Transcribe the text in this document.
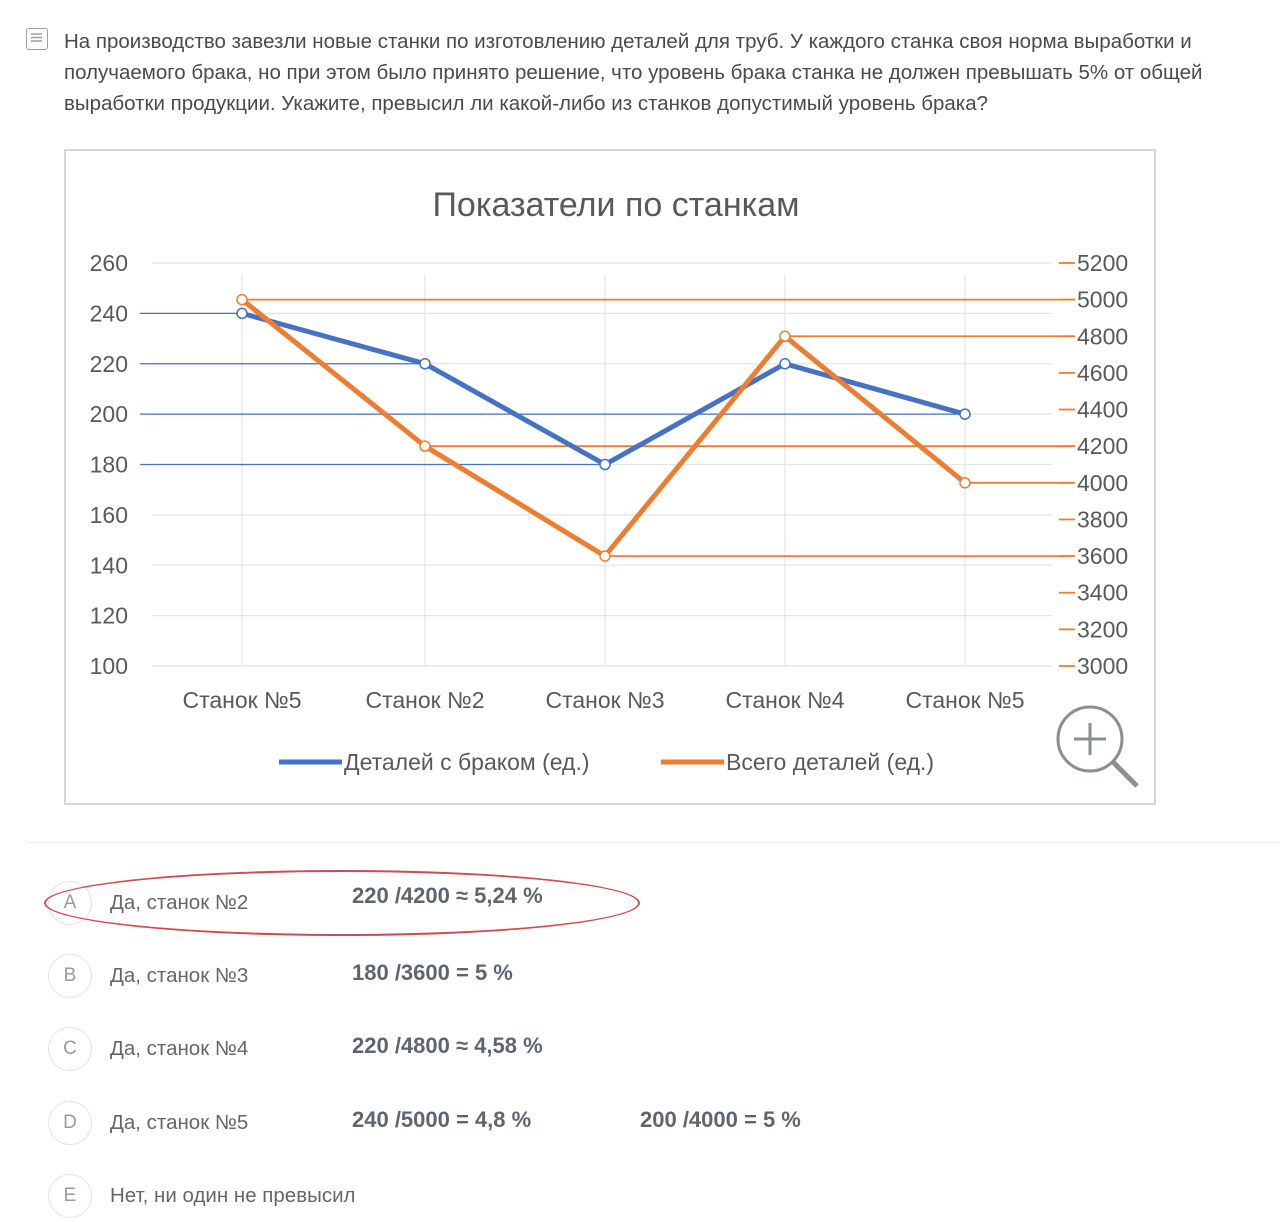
На производство завезли новые станки по изготовлению деталей для труб. У каждого станка своя норма выработки и получаемого брака, но при этом было принято решение, что уровень брака станка не должен превышать 5% от общей выработки продукции. Укажите, превысил ли какой-либо из станков допустимый уровень брака?
Показатели по станкам
100
120
140
160
180
200
220
240
260
3000
3200
3400
3600
3800
4000
4200
4400
4600
4800
5000
5200
Станок №5	Станок №2	Станок №3	Станок №4	Станок №5
Деталей с браком (ед.)	Всего деталей (ед.)
A	Да, станок №2	220 /4200 ≈ 5,24 %
B	Да, станок №3	180 /3600 = 5 %
C	Да, станок №4	220 /4800 ≈ 4,58 %
D	Да, станок №5	240 /5000 = 4,8 %	200 /4000 = 5 %
E	Нет, ни один не превысил
